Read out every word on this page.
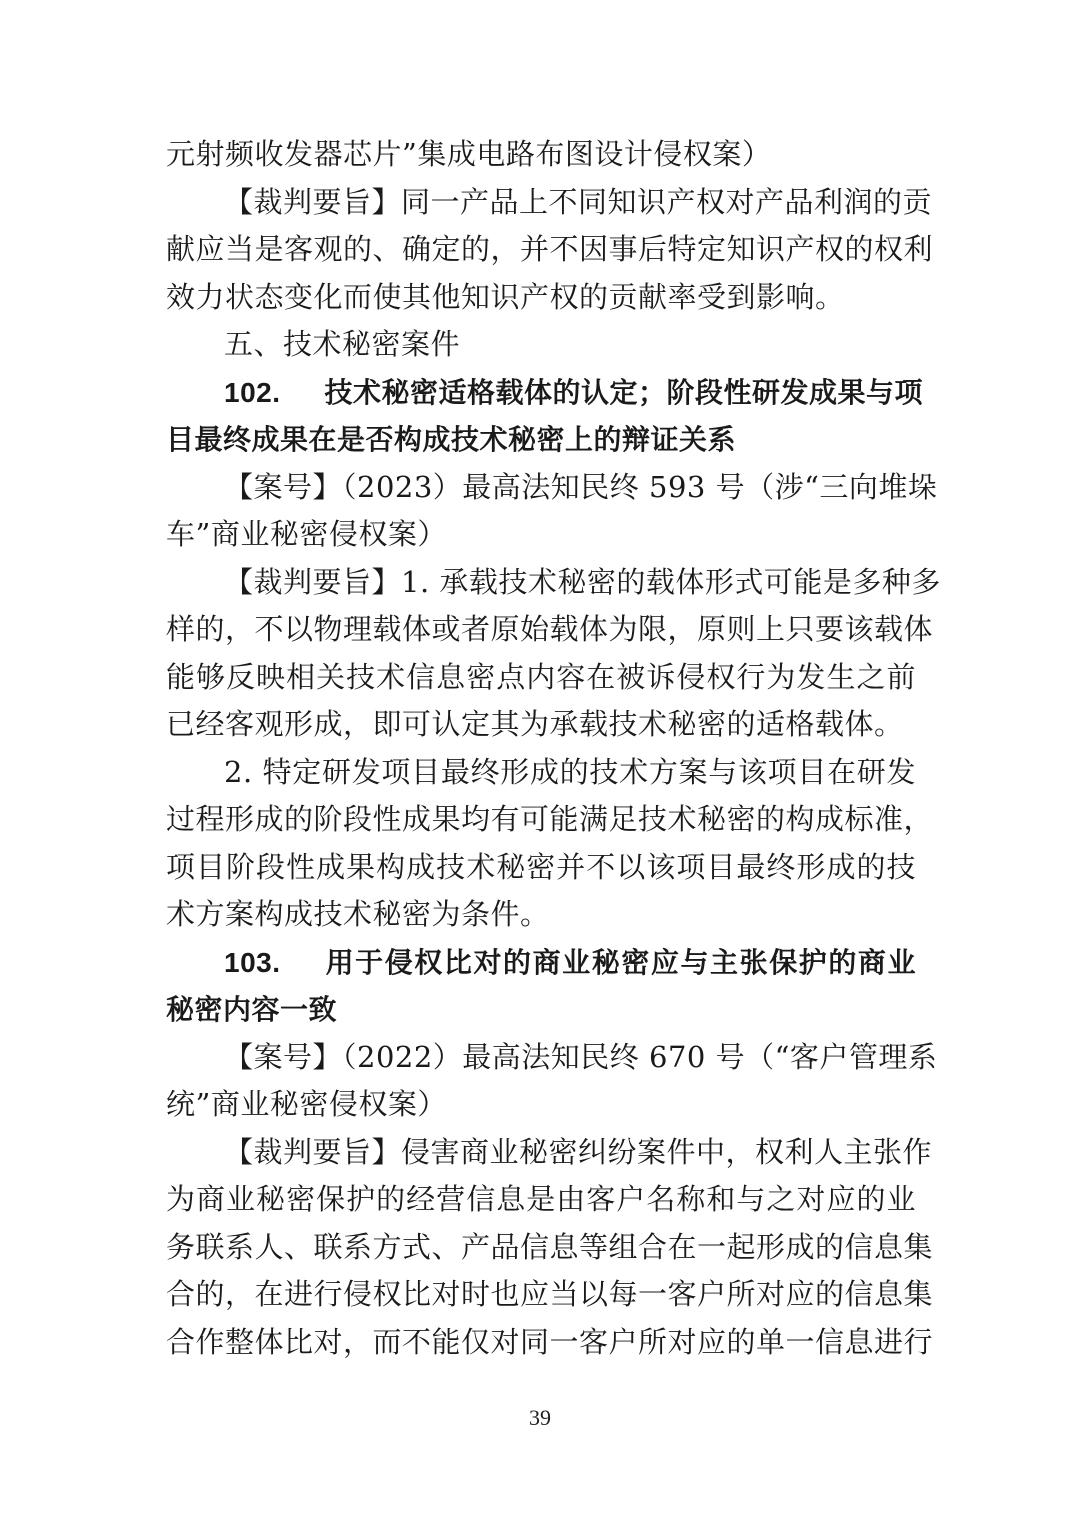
元射频收发器芯片”集成电路布图设计侵权案）
【裁判要旨】同一产品上不同知识产权对产品利润的贡
献应当是客观的、确定的，并不因事后特定知识产权的权利
效力状态变化而使其他知识产权的贡献率受到影响。
五、技术秘密案件
102. 技术秘密适格载体的认定；阶段性研发成果与项
目最终成果在是否构成技术秘密上的辩证关系
【案号】（2023）最高法知民终 593 号（涉“三向堆垛
车”商业秘密侵权案）
【裁判要旨】1. 承载技术秘密的载体形式可能是多种多
样的，不以物理载体或者原始载体为限，原则上只要该载体
能够反映相关技术信息密点内容在被诉侵权行为发生之前
已经客观形成，即可认定其为承载技术秘密的适格载体。
2. 特定研发项目最终形成的技术方案与该项目在研发
过程形成的阶段性成果均有可能满足技术秘密的构成标准，
项目阶段性成果构成技术秘密并不以该项目最终形成的技
术方案构成技术秘密为条件。
103. 用于侵权比对的商业秘密应与主张保护的商业
秘密内容一致
【案号】（2022）最高法知民终 670 号（“客户管理系
统”商业秘密侵权案）
【裁判要旨】侵害商业秘密纠纷案件中，权利人主张作
为商业秘密保护的经营信息是由客户名称和与之对应的业
务联系人、联系方式、产品信息等组合在一起形成的信息集
合的，在进行侵权比对时也应当以每一客户所对应的信息集
合作整体比对，而不能仅对同一客户所对应的单一信息进行
39
